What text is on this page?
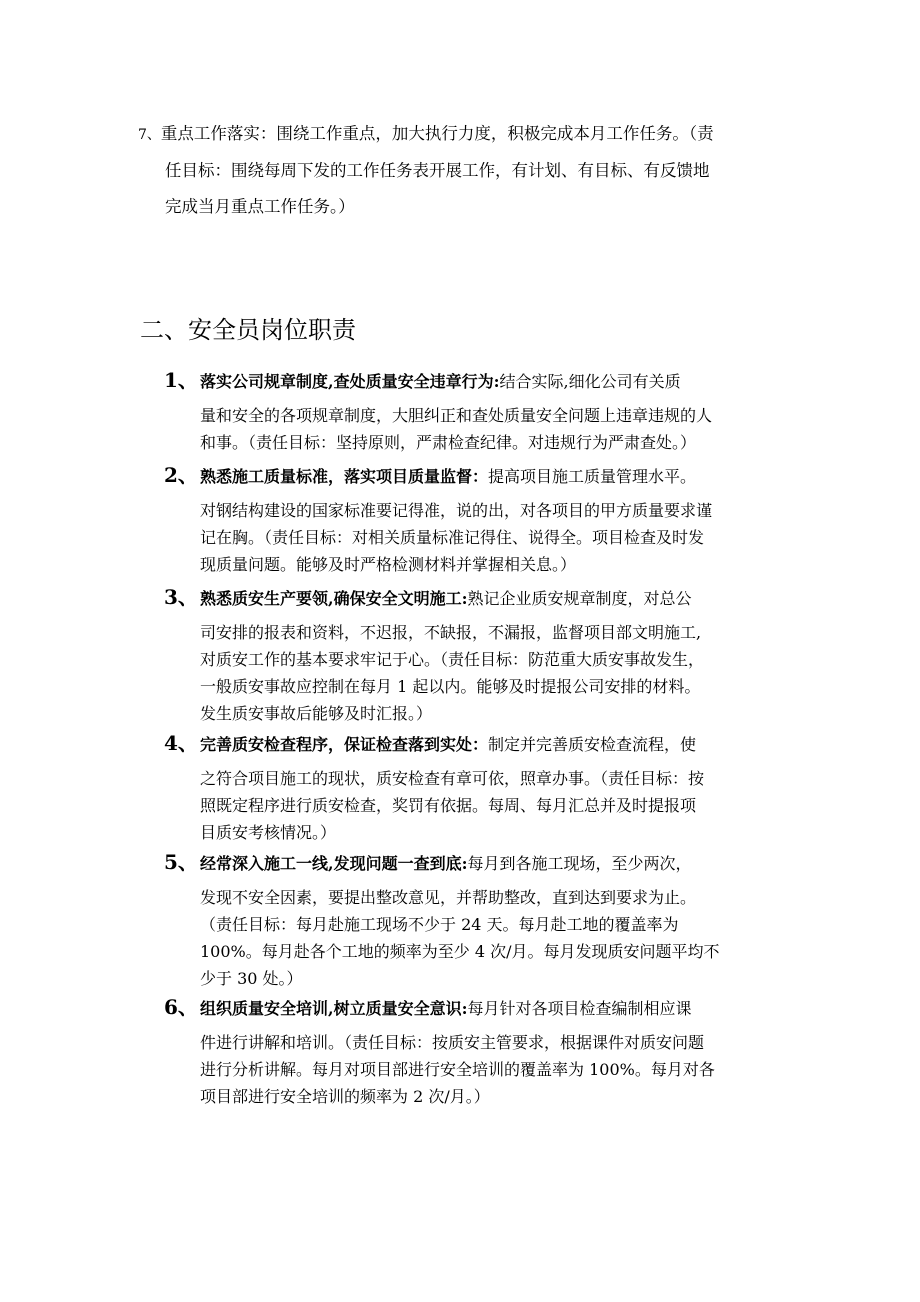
7、重点工作落实：围绕工作重点，加大执行力度，积极完成本月工作任务。（责
任目标：围绕每周下发的工作任务表开展工作，有计划、有目标、有反馈地
完成当月重点工作任务。）
二、安全员岗位职责
1、 落实公司规章制度,查处质量安全违章行为:结合实际,细化公司有关质
量和安全的各项规章制度，大胆纠正和查处质量安全问题上违章违规的人
和事。（责任目标：坚持原则，严肃检查纪律。对违规行为严肃查处。）
2、 熟悉施工质量标准，落实项目质量监督：提高项目施工质量管理水平。
对钢结构建设的国家标准要记得准，说的出，对各项目的甲方质量要求谨
记在胸。（责任目标：对相关质量标准记得住、说得全。项目检查及时发
现质量问题。能够及时严格检测材料并掌握相关息。）
3、 熟悉质安生产要领,确保安全文明施工:熟记企业质安规章制度，对总公
司安排的报表和资料，不迟报，不缺报，不漏报，监督项目部文明施工,
对质安工作的基本要求牢记于心。（责任目标：防范重大质安事故发生，
一般质安事故应控制在每月 1 起以内。能够及时提报公司安排的材料。
发生质安事故后能够及时汇报。）
4、 完善质安检查程序，保证检查落到实处：制定并完善质安检查流程，使
之符合项目施工的现状，质安检查有章可依，照章办事。（责任目标：按
照既定程序进行质安检查，奖罚有依据。每周、每月汇总并及时提报项
目质安考核情况。）
5、 经常深入施工一线,发现问题一查到底:每月到各施工现场，至少两次，
发现不安全因素，要提出整改意见，并帮助整改，直到达到要求为止。
（责任目标：每月赴施工现场不少于 24 天。每月赴工地的覆盖率为
100%。每月赴各个工地的频率为至少 4 次/月。每月发现质安问题平均不
少于 30 处。）
6、 组织质量安全培训,树立质量安全意识:每月针对各项目检查编制相应课
件进行讲解和培训。（责任目标：按质安主管要求，根据课件对质安问题
进行分析讲解。每月对项目部进行安全培训的覆盖率为 100%。每月对各
项目部进行安全培训的频率为 2 次/月。）
